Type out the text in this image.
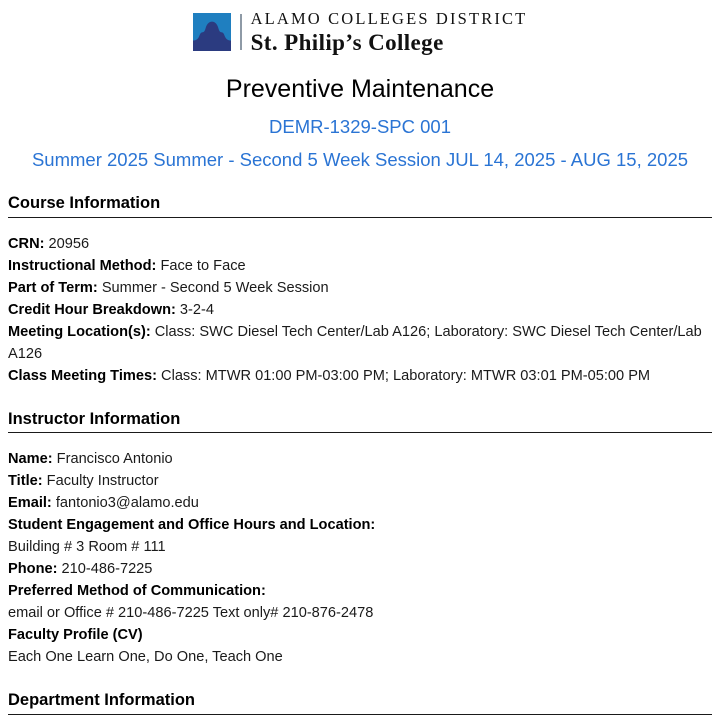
ALAMO COLLEGES DISTRICT
St. Philip’s College
Preventive Maintenance
DEMR-1329-SPC 001
Summer 2025 Summer - Second 5 Week Session JUL 14, 2025 - AUG 15, 2025
Course Information

CRN: 20956

Instructional Method: Face to Face

Part of Term: Summer - Second 5 Week Session

Credit Hour Breakdown: 3-2-4

Meeting Location(s): Class: SWC Diesel Tech Center/Lab A126; Laboratory: SWC Diesel Tech Center/Lab A126

Class Meeting Times: Class: MTWR 01:00 PM-03:00 PM; Laboratory: MTWR 03:01 PM-05:00 PM

Instructor Information

Name: Francisco Antonio

Title: Faculty Instructor

Email: fantonio3@alamo.edu

Student Engagement and Office Hours and Location:

Building # 3 Room # 111

Phone: 210-486-7225

Preferred Method of Communication:

email or Office # 210-486-7225 Text only# 210-876-2478

Faculty Profile (CV)

Each One Learn One, Do One, Teach One

Department Information
